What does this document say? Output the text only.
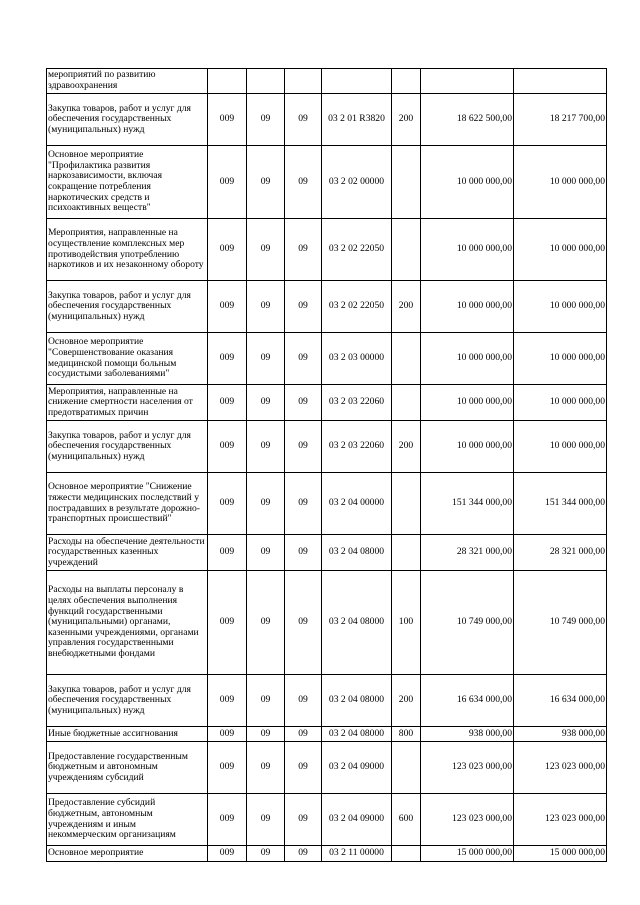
мероприятий по развитию здравоохранения							
Закупка товаров, работ и услуг для обеспечения государственных (муниципальных) нужд	009	09	09	03 2 01 R3820	200	18 622 500,00	18 217 700,00
Основное мероприятие "Профилактика развития наркозависимости, включая сокращение потребления наркотических средств и психоактивных веществ"	009	09	09	03 2 02 00000		10 000 000,00	10 000 000,00
Мероприятия, направленные на осуществление комплексных мер противодействия употреблению наркотиков и их незаконному обороту	009	09	09	03 2 02 22050		10 000 000,00	10 000 000,00
Закупка товаров, работ и услуг для обеспечения государственных (муниципальных) нужд	009	09	09	03 2 02 22050	200	10 000 000,00	10 000 000,00
Основное мероприятие "Совершенствование оказания медицинской помощи больным сосудистыми заболеваниями"	009	09	09	03 2 03 00000		10 000 000,00	10 000 000,00
Мероприятия, направленные на снижение смертности населения от предотвратимых причин	009	09	09	03 2 03 22060		10 000 000,00	10 000 000,00
Закупка товаров, работ и услуг для обеспечения государственных (муниципальных) нужд	009	09	09	03 2 03 22060	200	10 000 000,00	10 000 000,00
Основное мероприятие "Снижение тяжести медицинских последствий у пострадавших в результате дорожно-транспортных происшествий"	009	09	09	03 2 04 00000		151 344 000,00	151 344 000,00
Расходы на обеспечение деятельности государственных казенных учреждений	009	09	09	03 2 04 08000		28 321 000,00	28 321 000,00
Расходы на выплаты персоналу в целях обеспечения выполнения функций государственными (муниципальными) органами, казенными учреждениями, органами управления государственными внебюджетными фондами	009	09	09	03 2 04 08000	100	10 749 000,00	10 749 000,00
Закупка товаров, работ и услуг для обеспечения государственных (муниципальных) нужд	009	09	09	03 2 04 08000	200	16 634 000,00	16 634 000,00
Иные бюджетные ассигнования	009	09	09	03 2 04 08000	800	938 000,00	938 000,00
Предоставление государственным бюджетным и автономным учреждениям субсидий	009	09	09	03 2 04 09000		123 023 000,00	123 023 000,00
Предоставление субсидий бюджетным, автономным учреждениям и иным некоммерческим организациям	009	09	09	03 2 04 09000	600	123 023 000,00	123 023 000,00
Основное мероприятие	009	09	09	03 2 11 00000		15 000 000,00	15 000 000,00
